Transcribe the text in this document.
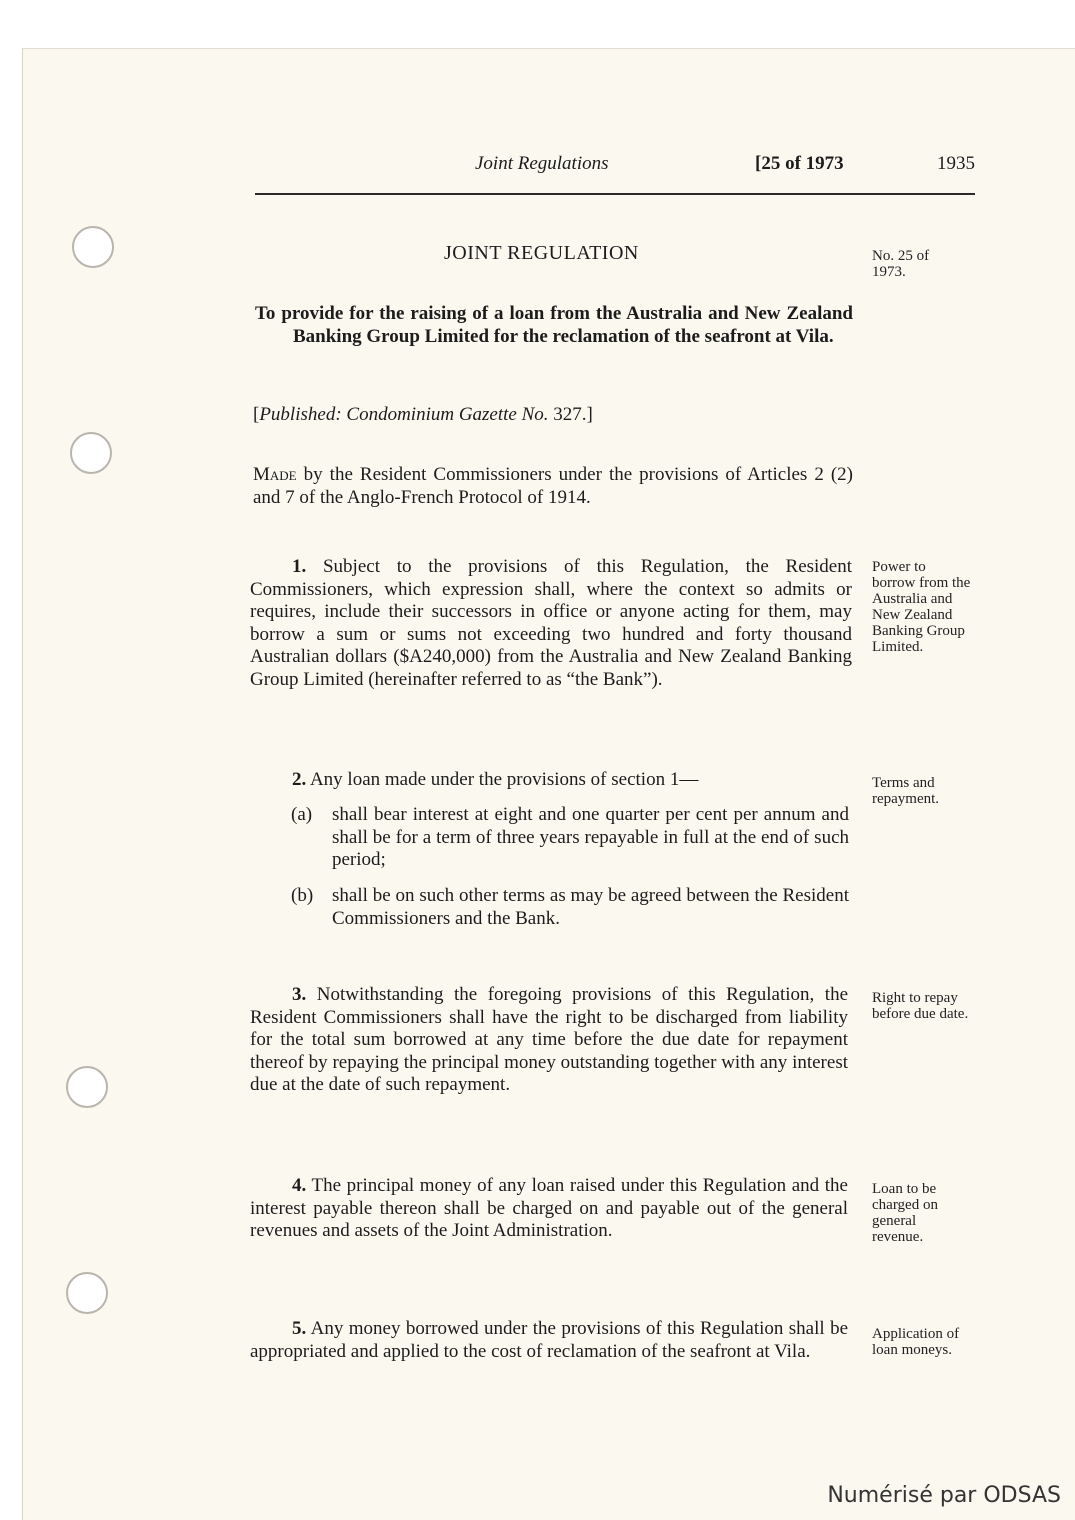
Joint Regulations	[25 of 1973	1935
JOINT REGULATION	No. 25 of 1973.
To provide for the raising of a loan from the Australia and New Zealand Banking Group Limited for the reclamation of the seafront at Vila.
[Published: Condominium Gazette No. 327.]
Made by the Resident Commissioners under the provisions of Articles 2 (2) and 7 of the Anglo-French Protocol of 1914.
1. Subject to the provisions of this Regulation, the Resident Commissioners, which expression shall, where the context so admits or requires, include their successors in office or anyone acting for them, may borrow a sum or sums not exceeding two hundred and forty thousand Australian dollars ($A240,000) from the Australia and New Zealand Banking Group Limited (hereinafter referred to as “the Bank”).
Power to borrow from the Australia and New Zealand Banking Group Limited.
2. Any loan made under the provisions of section 1—	Terms and repayment.
(a) shall bear interest at eight and one quarter per cent per annum and shall be for a term of three years repayable in full at the end of such period;
(b) shall be on such other terms as may be agreed between the Resident Commissioners and the Bank.
3. Notwithstanding the foregoing provisions of this Regulation, the Resident Commissioners shall have the right to be discharged from liability for the total sum borrowed at any time before the due date for repayment thereof by repaying the principal money outstanding together with any interest due at the date of such repayment.
Right to repay before due date.
4. The principal money of any loan raised under this Regulation and the interest payable thereon shall be charged on and payable out of the general revenues and assets of the Joint Administration.
Loan to be charged on general revenue.
5. Any money borrowed under the provisions of this Regulation shall be appropriated and applied to the cost of reclamation of the seafront at Vila.
Application of loan moneys.
Numérisé par ODSAS
